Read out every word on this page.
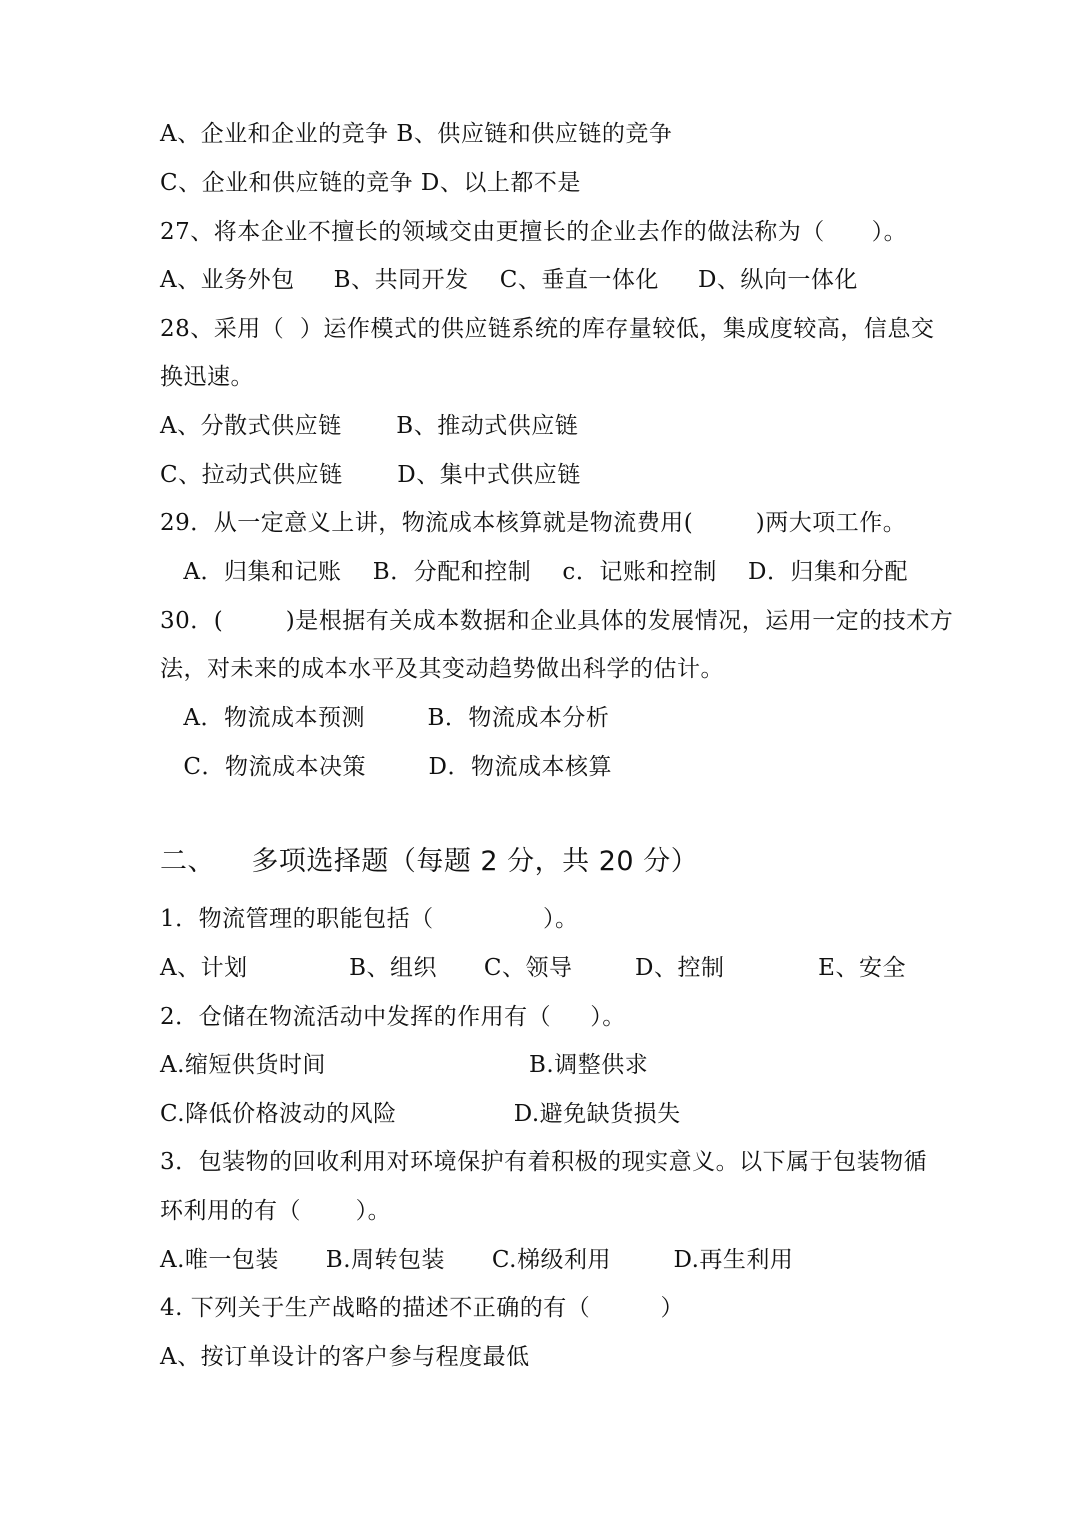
A、企业和企业的竞争 B、供应链和供应链的竞争
C、企业和供应链的竞争 D、以上都不是
27、将本企业不擅长的领域交由更擅长的企业去作的做法称为（      ）。
A、业务外包     B、共同开发    C、垂直一体化     D、纵向一体化
28、采用（  ）运作模式的供应链系统的库存量较低，集成度较高，信息交
换迅速。
A、分散式供应链       B、推动式供应链
C、拉动式供应链       D、集中式供应链
29．从一定意义上讲，物流成本核算就是物流费用(        )两大项工作。
A．归集和记账    B．分配和控制    c．记账和控制    D．归集和分配
30．(        )是根据有关成本数据和企业具体的发展情况，运用一定的技术方
法，对未来的成本水平及其变动趋势做出科学的估计。
A．物流成本预测        B．物流成本分析
C．物流成本决策        D．物流成本核算
二、    多项选择题（每题 2 分，共 20 分）
1．物流管理的职能包括（              ）。
A、计划             B、组织      C、领导        D、控制            E、安全
2．仓储在物流活动中发挥的作用有（     ）。
A.缩短供货时间                          B.调整供求
C.降低价格波动的风险               D.避免缺货损失
3．包装物的回收利用对环境保护有着积极的现实意义。以下属于包装物循
环利用的有（       ）。
A.唯一包装      B.周转包装      C.梯级利用        D.再生利用
4. 下列关于生产战略的描述不正确的有（         ）
A、按订单设计的客户参与程度最低
